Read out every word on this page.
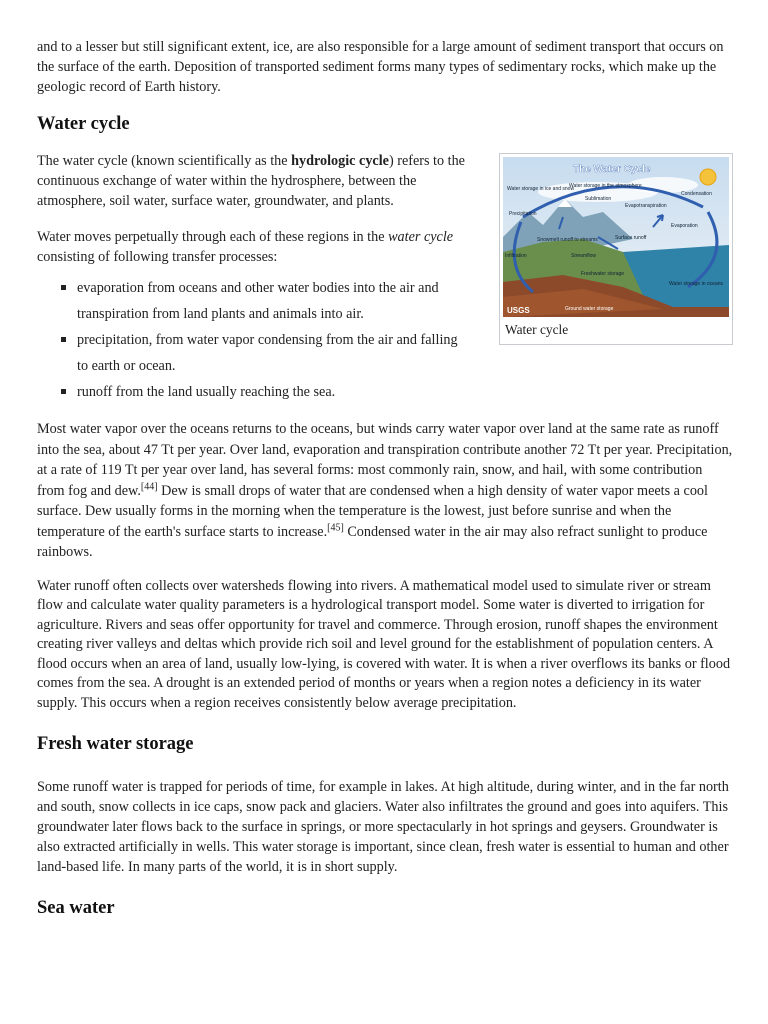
and to a lesser but still significant extent, ice, are also responsible for a large amount of sediment transport that occurs on the surface of the earth. Deposition of transported sediment forms many types of sedimentary rocks, which make up the geologic record of Earth history.

Water cycle
The Water Cycle
Water storage in ice and snow
Water storage in the atmosphere
Condensation
Sublimation
Precipitation
Evapotranspiration
Evaporation
Snowmelt runoff to streams	Surface runoff
Streamflow
Freshwater storage
Infiltration
Water storage in oceans
Ground water storage
USGS
Water cycle

The water cycle (known scientifically as the hydrologic cycle) refers to the continuous exchange of water within the hydrosphere, between the atmosphere, soil water, surface water, groundwater, and plants.

Water moves perpetually through each of these regions in the water cycle consisting of following transfer processes:

evaporation from oceans and other water bodies into the air and transpiration from land plants and animals into air.
precipitation, from water vapor condensing from the air and falling to earth or ocean.
runoff from the land usually reaching the sea.

Most water vapor over the oceans returns to the oceans, but winds carry water vapor over land at the same rate as runoff into the sea, about 47 Tt per year. Over land, evaporation and transpiration contribute another 72 Tt per year. Precipitation, at a rate of 119 Tt per year over land, has several forms: most commonly rain, snow, and hail, with some contribution from fog and dew.[44] Dew is small drops of water that are condensed when a high density of water vapor meets a cool surface. Dew usually forms in the morning when the temperature is the lowest, just before sunrise and when the temperature of the earth's surface starts to increase.[45] Condensed water in the air may also refract sunlight to produce rainbows.

Water runoff often collects over watersheds flowing into rivers. A mathematical model used to simulate river or stream flow and calculate water quality parameters is a hydrological transport model. Some water is diverted to irrigation for agriculture. Rivers and seas offer opportunity for travel and commerce. Through erosion, runoff shapes the environment creating river valleys and deltas which provide rich soil and level ground for the establishment of population centers. A flood occurs when an area of land, usually low-lying, is covered with water. It is when a river overflows its banks or flood comes from the sea. A drought is an extended period of months or years when a region notes a deficiency in its water supply. This occurs when a region receives consistently below average precipitation.

Fresh water storage

Some runoff water is trapped for periods of time, for example in lakes. At high altitude, during winter, and in the far north and south, snow collects in ice caps, snow pack and glaciers. Water also infiltrates the ground and goes into aquifers. This groundwater later flows back to the surface in springs, or more spectacularly in hot springs and geysers. Groundwater is also extracted artificially in wells. This water storage is important, since clean, fresh water is essential to human and other land-based life. In many parts of the world, it is in short supply.

Sea water
